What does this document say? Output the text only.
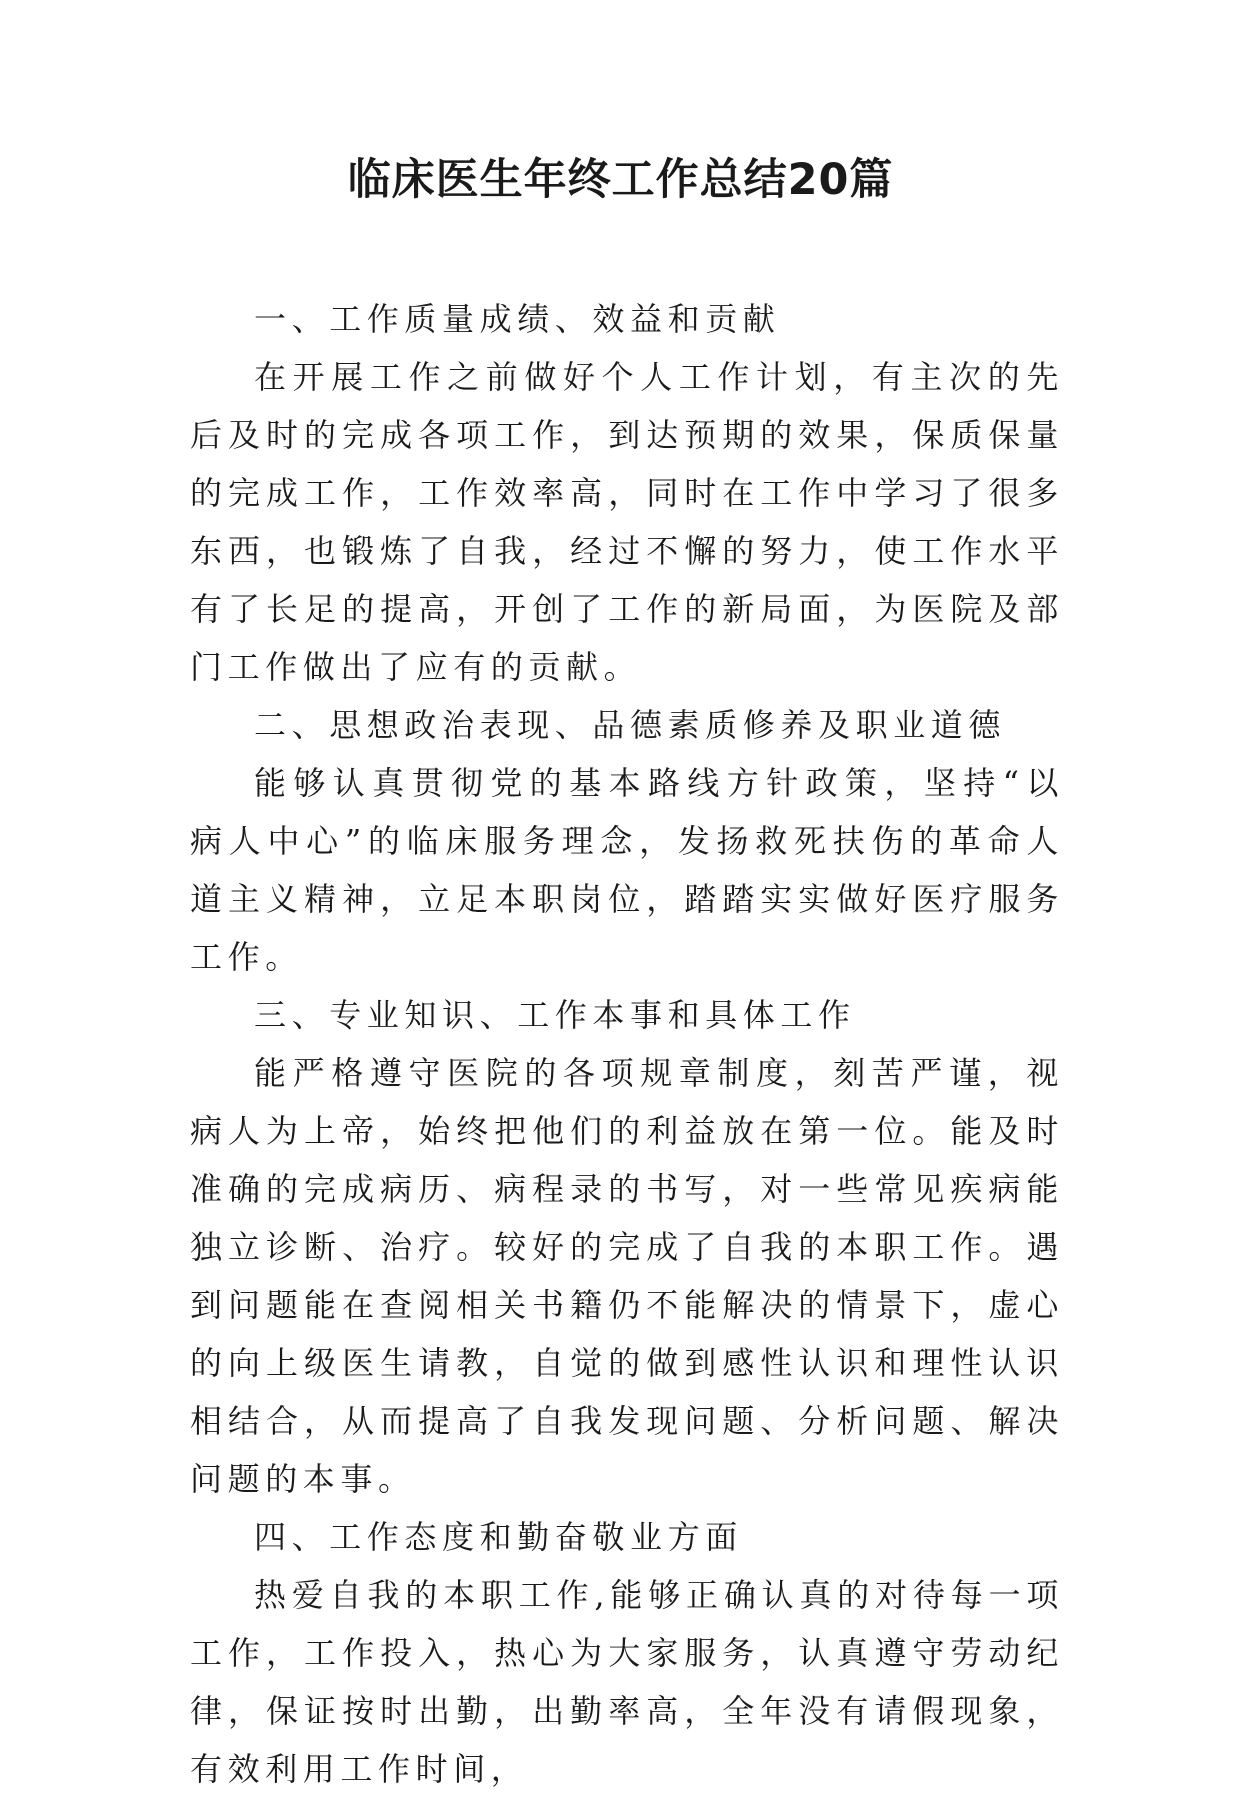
临床医生年终工作总结20篇

一、工作质量成绩、效益和贡献

在开展工作之前做好个人工作计划，有主次的先后及时的完成各项工作，到达预期的效果，保质保量的完成工作，工作效率高，同时在工作中学习了很多东西，也锻炼了自我，经过不懈的努力，使工作水平有了长足的提高，开创了工作的新局面，为医院及部门工作做出了应有的贡献。

二、思想政治表现、品德素质修养及职业道德

能够认真贯彻党的基本路线方针政策，坚持“以病人中心”的临床服务理念，发扬救死扶伤的革命人道主义精神，立足本职岗位，踏踏实实做好医疗服务工作。

三、专业知识、工作本事和具体工作

能严格遵守医院的各项规章制度，刻苦严谨，视病人为上帝，始终把他们的利益放在第一位。能及时准确的完成病历、病程录的书写，对一些常见疾病能独立诊断、治疗。较好的完成了自我的本职工作。遇到问题能在查阅相关书籍仍不能解决的情景下，虚心的向上级医生请教，自觉的做到感性认识和理性认识相结合，从而提高了自我发现问题、分析问题、解决问题的本事。

四、工作态度和勤奋敬业方面

热爱自我的本职工作,能够正确认真的对待每一项工作，工作投入，热心为大家服务，认真遵守劳动纪律，保证按时出勤，出勤率高，全年没有请假现象，有效利用工作时间，
